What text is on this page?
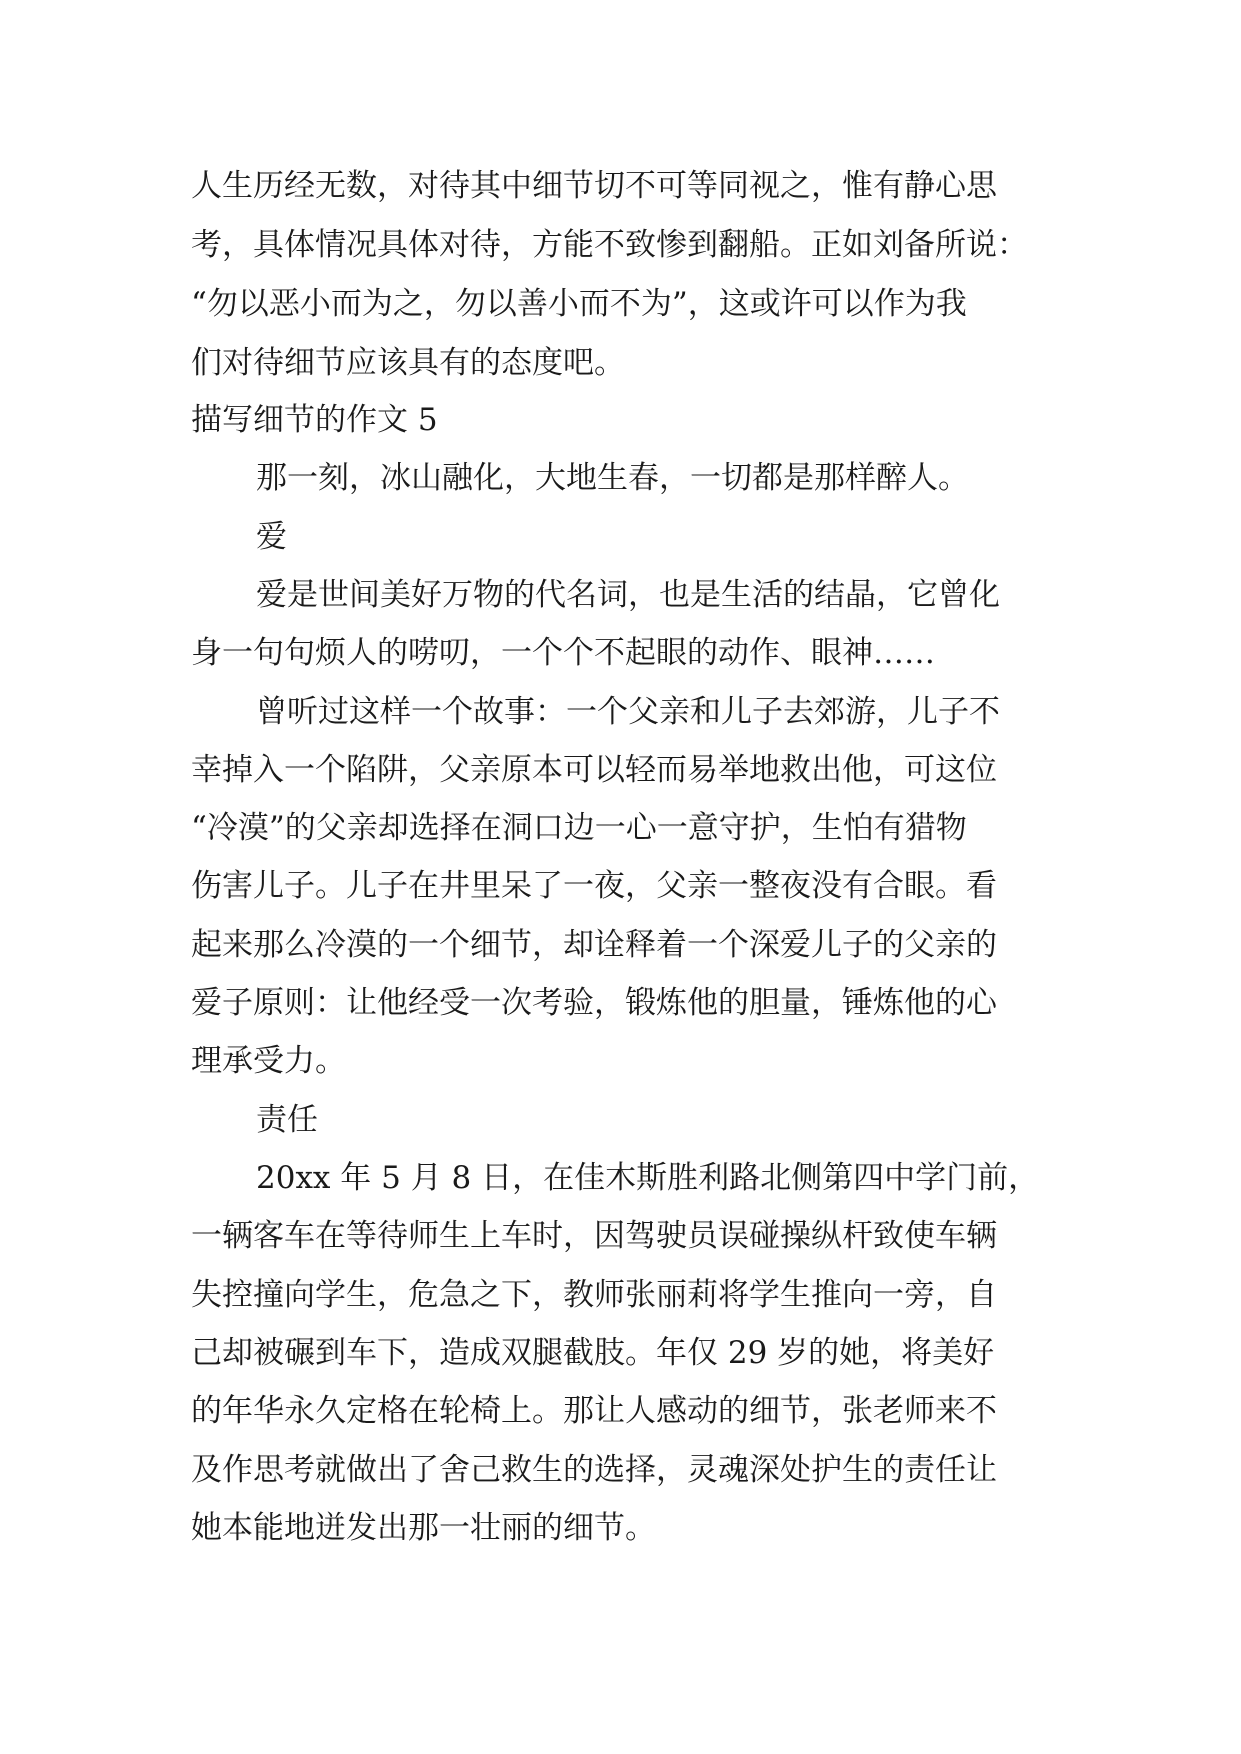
人生历经无数，对待其中细节切不可等同视之，惟有静心思
考，具体情况具体对待，方能不致惨到翻船。正如刘备所说：
“勿以恶小而为之，勿以善小而不为”，这或许可以作为我
们对待细节应该具有的态度吧。
描写细节的作文 5
那一刻，冰山融化，大地生春，一切都是那样醉人。
爱
爱是世间美好万物的代名词，也是生活的结晶，它曾化
身一句句烦人的唠叨，一个个不起眼的动作、眼神……
曾听过这样一个故事：一个父亲和儿子去郊游，儿子不
幸掉入一个陷阱，父亲原本可以轻而易举地救出他，可这位
“冷漠”的父亲却选择在洞口边一心一意守护，生怕有猎物
伤害儿子。儿子在井里呆了一夜，父亲一整夜没有合眼。看
起来那么冷漠的一个细节，却诠释着一个深爱儿子的父亲的
爱子原则：让他经受一次考验，锻炼他的胆量，锤炼他的心
理承受力。
责任
20xx 年 5 月 8 日，在佳木斯胜利路北侧第四中学门前，
一辆客车在等待师生上车时，因驾驶员误碰操纵杆致使车辆
失控撞向学生，危急之下，教师张丽莉将学生推向一旁，自
己却被碾到车下，造成双腿截肢。年仅 29 岁的她，将美好
的年华永久定格在轮椅上。那让人感动的细节，张老师来不
及作思考就做出了舍己救生的选择，灵魂深处护生的责任让
她本能地迸发出那一壮丽的细节。
